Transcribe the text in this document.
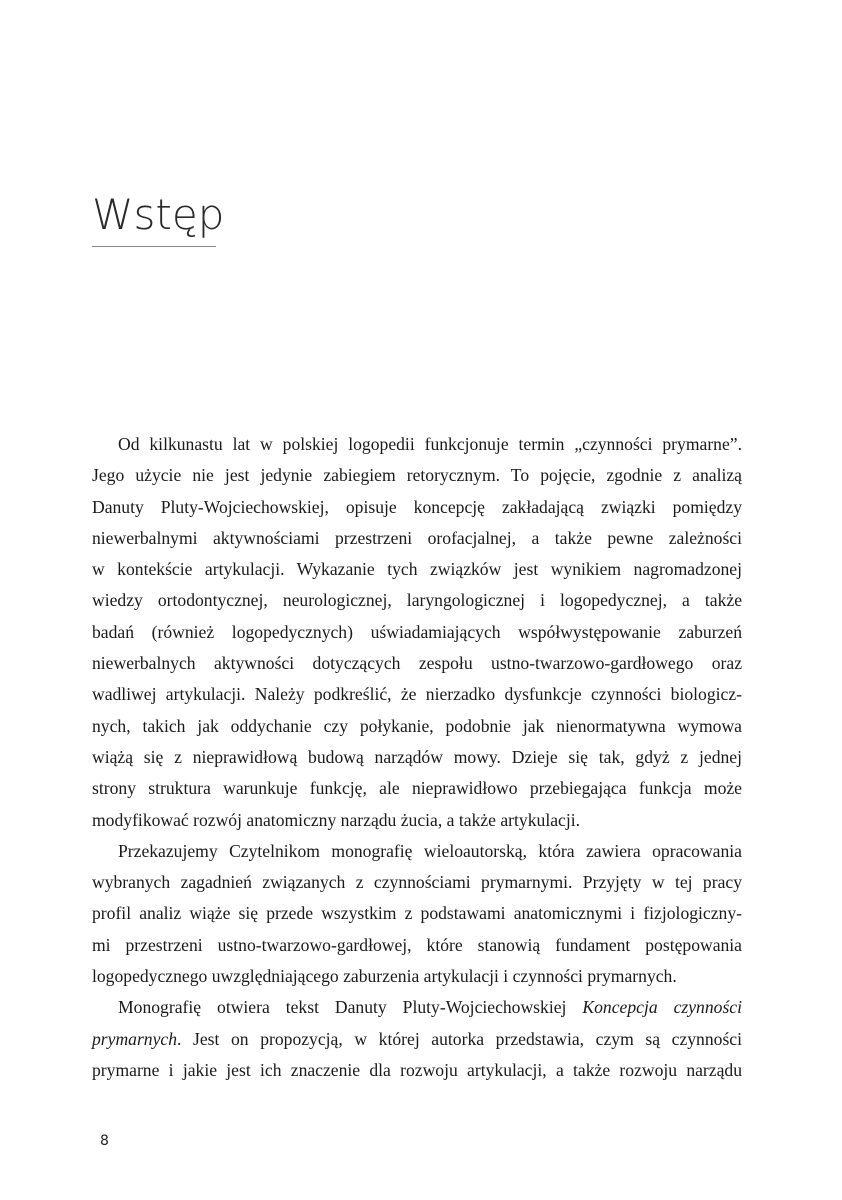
Wstęp
Od kilkunastu lat w polskiej logopedii funkcjonuje termin „czynności prymarne”.
Jego użycie nie jest jedynie zabiegiem retorycznym. To pojęcie, zgodnie z analizą
Danuty Pluty-Wojciechowskiej, opisuje koncepcję zakładającą związki pomiędzy
niewerbalnymi aktywnościami przestrzeni orofacjalnej, a także pewne zależności
w kontekście artykulacji. Wykazanie tych związków jest wynikiem nagromadzonej
wiedzy ortodontycznej, neurologicznej, laryngologicznej i logopedycznej, a także
badań (również logopedycznych) uświadamiających współwystępowanie zaburzeń
niewerbalnych aktywności dotyczących zespołu ustno-twarzowo-gardłowego oraz
wadliwej artykulacji. Należy podkreślić, że nierzadko dysfunkcje czynności biologicz-
nych, takich jak oddychanie czy połykanie, podobnie jak nienormatywna wymowa
wiążą się z nieprawidłową budową narządów mowy. Dzieje się tak, gdyż z jednej
strony struktura warunkuje funkcję, ale nieprawidłowo przebiegająca funkcja może
modyfikować rozwój anatomiczny narządu żucia, a także artykulacji.
Przekazujemy Czytelnikom monografię wieloautorską, która zawiera opracowania
wybranych zagadnień związanych z czynnościami prymarnymi. Przyjęty w tej pracy
profil analiz wiąże się przede wszystkim z podstawami anatomicznymi i fizjologiczny-
mi przestrzeni ustno-twarzowo-gardłowej, które stanowią fundament postępowania
logopedycznego uwzględniającego zaburzenia artykulacji i czynności prymarnych.
Monografię otwiera tekst Danuty Pluty-Wojciechowskiej Koncepcja czynności
prymarnych. Jest on propozycją, w której autorka przedstawia, czym są czynności
prymarne i jakie jest ich znaczenie dla rozwoju artykulacji, a także rozwoju narządu
8
